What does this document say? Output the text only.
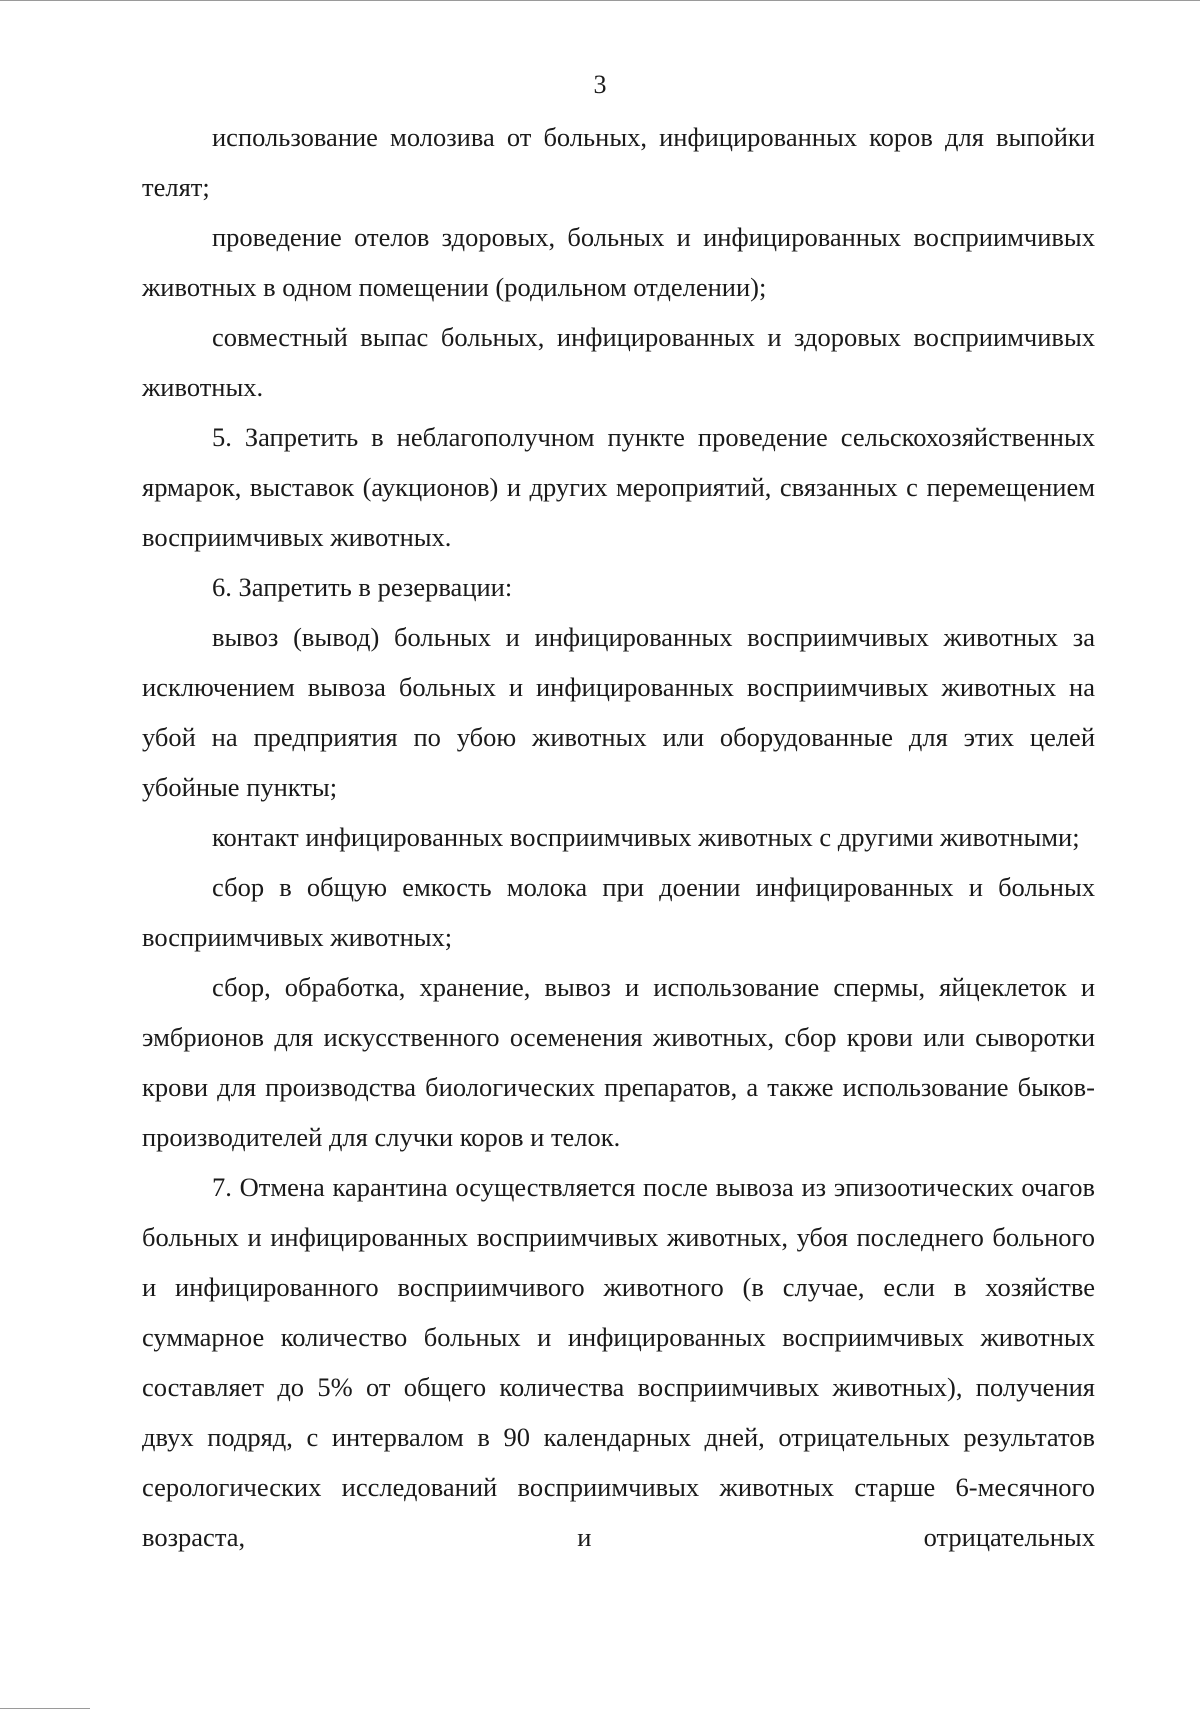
3

использование молозива от больных, инфицированных коров для выпойки телят;

проведение отелов здоровых, больных и инфицированных восприимчивых животных в одном помещении (родильном отделении);

совместный выпас больных, инфицированных и здоровых восприимчивых животных.

5. Запретить в неблагополучном пункте проведение сельскохозяйственных ярмарок, выставок (аукционов) и других мероприятий, связанных с перемещением восприимчивых животных.

6. Запретить в резервации:

вывоз (вывод) больных и инфицированных восприимчивых животных за исключением вывоза больных и инфицированных восприимчивых животных на убой на предприятия по убою животных или оборудованные для этих целей убойные пункты;

контакт инфицированных восприимчивых животных с другими животными;

сбор в общую емкость молока при доении инфицированных и больных восприимчивых животных;

сбор, обработка, хранение, вывоз и использование спермы, яйцеклеток и эмбрионов для искусственного осеменения животных, сбор крови или сыворотки крови для производства биологических препаратов, а также использование быков-производителей для случки коров и телок.

7. Отмена карантина осуществляется после вывоза из эпизоотических очагов больных и инфицированных восприимчивых животных, убоя последнего больного и инфицированного восприимчивого животного (в случае, если в хозяйстве суммарное количество больных и инфицированных восприимчивых животных составляет до 5% от общего количества восприимчивых животных), получения двух подряд, с интервалом в 90 календарных дней, отрицательных результатов серологических исследований восприимчивых животных старше 6-месячного возраста, и отрицательных
